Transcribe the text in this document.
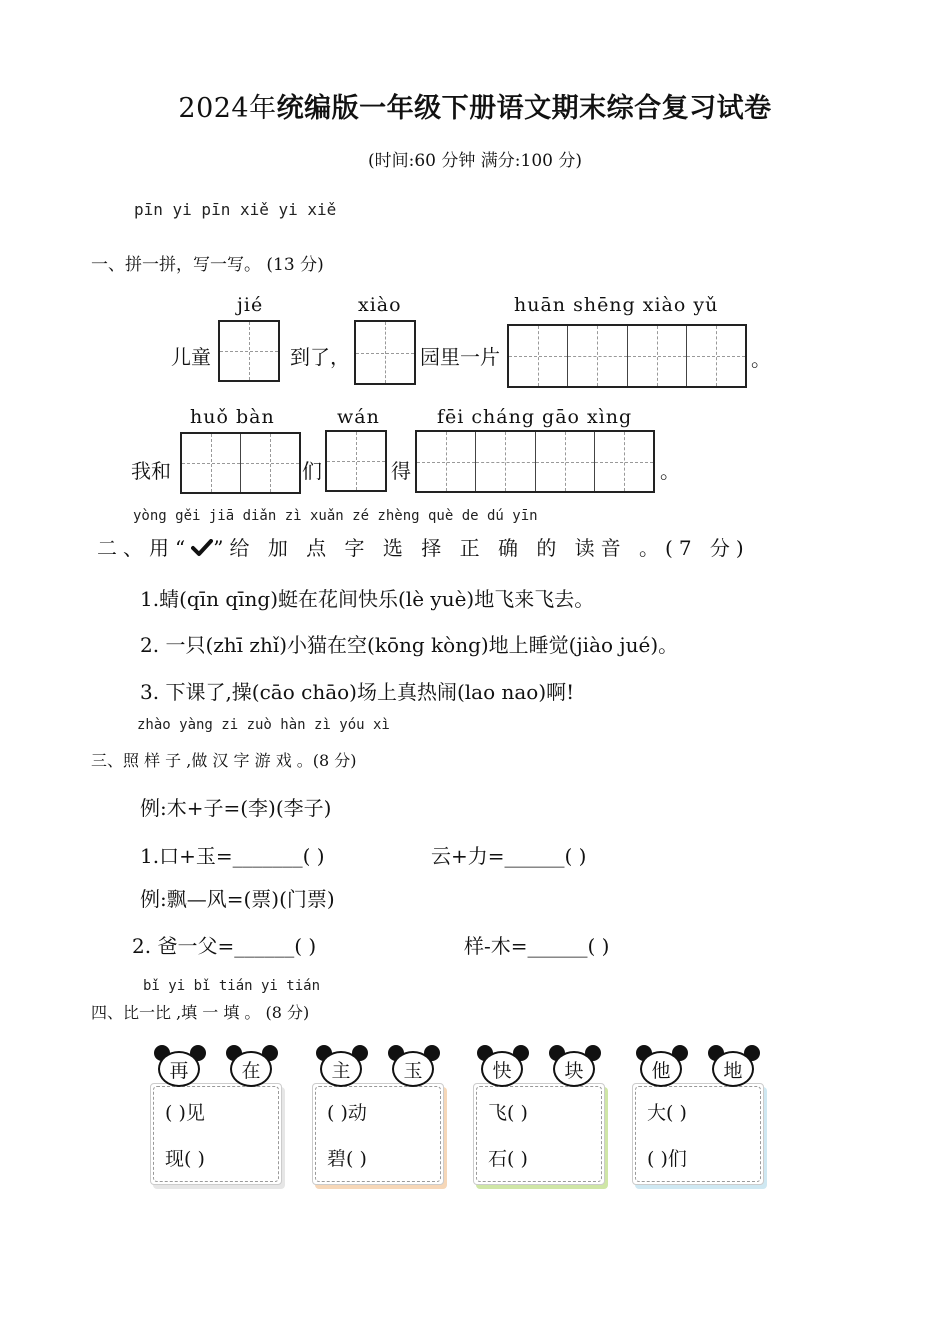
2024年统编版一年级下册语文期末综合复习试卷
(时间:60 分钟 满分:100 分)
pīn yi pīn xiě yi xiě
一、拼一拼，写一写。 (13 分)
jié
儿童	到了，
xiào
园里一片
huān shēng xiào yǔ
。
huǒ bàn
我和
wán
们	得
fēi cháng gāo xìng
。
yòng gěi jiā diǎn zì xuǎn zé zhèng què de dú yīn
二、用“ ”给 加 点 字 选 择 正 确 的 读音 。(7 分)
1.蜻(qīn qīng)蜓在花间快乐(lè yuè)地飞来飞去。
2. 一只(zhī zhǐ)小猫在空(kōng kòng)地上睡觉(jiào jué)。
3. 下课了,操(cāo chāo)场上真热闹(lao nao)啊!
zhào yàng zi zuò hàn zì yóu xì
三、照 样 子 ,做 汉 字 游 戏 。(8 分)
例:木+子=(李)(李子)
1.口+玉=_______( )	云+力=______( )
例:飘—风=(票)(门票)
2. 爸一父=______( )	样-木=______( )
bǐ yi bǐ tián yi tián
四、比一比 ,填 一 填 。 (8 分)
( )见
现( )
再	在
( )动
碧( )
主	玉
飞( )
石( )
快	块
大( )
( )们
他	地
